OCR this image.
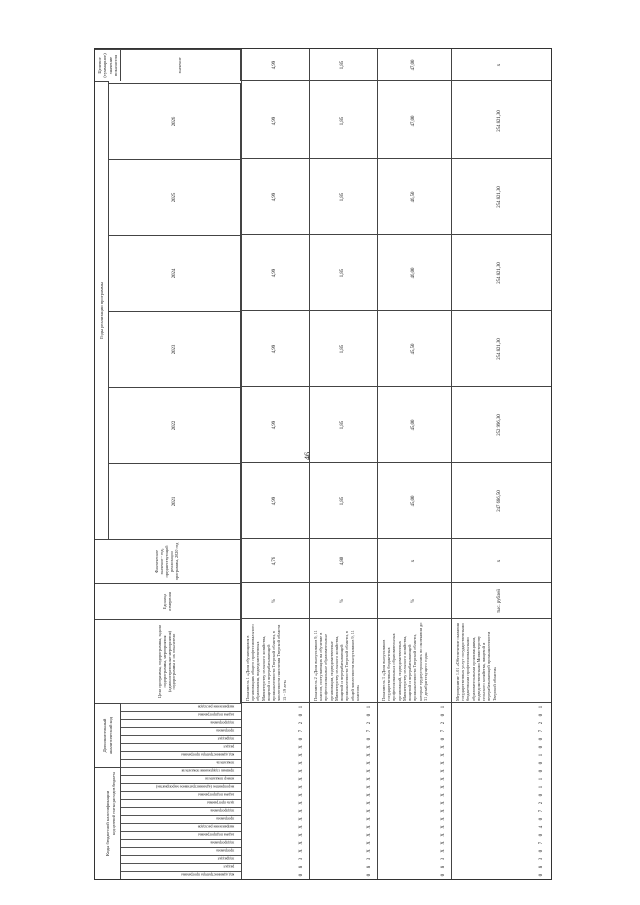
46
Коды бюджетной классификации
Дополнительный аналитический код
Годы реализации программы
Целевое (суммарное) значение показателя
код администратора программы
раздел
подраздел
программа
подпрограмма
задача подпрограммы
направление расходов
программа
подпрограмма
цель программы
задача подпрограммы
мероприятие (административное мероприятие)
номер показателя
признак содержания показателя
показатель
код администратора программы
раздел
подраздел
программа
подпрограмма
задача подпрограммы
направление расходов
код целевой статьи расходов бюджета
Цели программы, подпрограммы, задачи подпрограммы, мероприятия (административные мероприятия) подпрограммы и их показатели
Единица измерения
Фактическое значение - год, предшествующий реализации программы, 2020 год
2021
2022
2023
2024
2025
2026
значение
0
8
3
X
X
X
X
X
X
X
X
X
X
X
X
X
X
0
7
2
0
1
Показатель 1 «Доля обучающихся в организациях общего профессионального образования, подведомственных Министерству сельского хозяйства, пищевой и перерабатывающей промышленности Тверской области, в численности населения Тверской области 15 - 19 лет»
%
4,76
4,99
4,99
4,99
4,99
4,99
4,99
4,99
0
8
3
X
X
X
X
X
X
X
X
X
X
X
X
X
X
0
7
2
0
1
Показатель 2 «Доля выпускников 9, 11 классов, поступающих на обучение в профессиональные образовательные организации, подведомственные Министерству сельского хозяйства, пищевой и перерабатывающей промышленности Тверской области, в общей численности выпускников 9, 11 классов»
%
4,80
1,85
1,85
1,85
1,85
1,85
1,85
1,85
0
8
3
X
X
X
X
X
X
X
X
X
X
X
X
X
X
0
7
2
0
1
Показатель 3 «Доля выпускников государственных бюджетных профессиональных образовательных организаций, подведомственных Министерству сельского хозяйства, пищевой и перерабатывающей промышленности Тверской области, которые трудоустроились по окончании до 31 декабря текущего года»
%
x
45,00
45,00
45,50
46,00
46,50
47,00
47,00
0
8
3
0
7
0
4
0
7
2
0
1
1
0
0
1
0
0
7
2
0
1
Мероприятие 1.01 «Обеспечение оказания государственных услуг государственными бюджетными профессиональными образовательными организациями, подведомственными Министерству сельского хозяйства, пищевой и перерабатывающей промышленности Тверской области»
тыс. рублей
x
247 686,50
252 996,30
254 821,30
254 821,30
254 821,30
254 821,30
x
